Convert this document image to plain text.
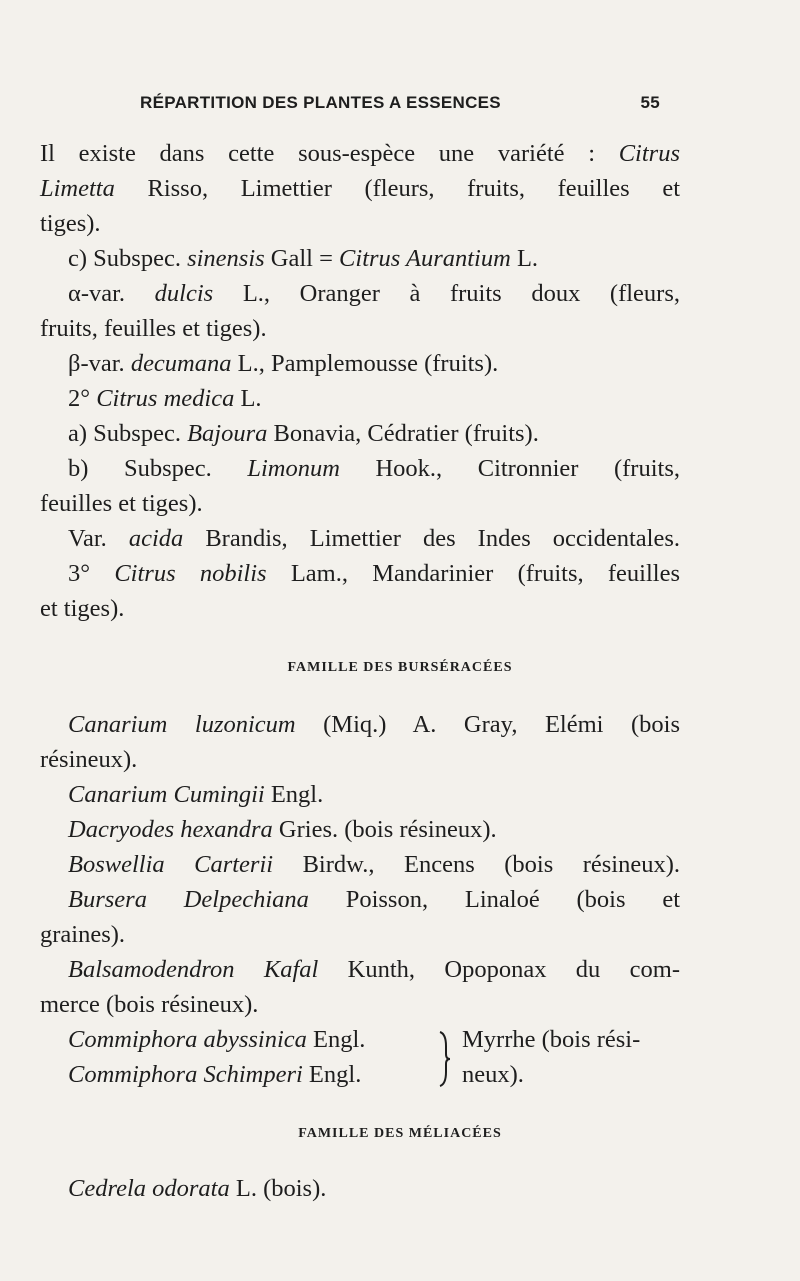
RÉPARTITION DES PLANTES A ESSENCES	55
Il existe dans cette sous-espèce une variété : Citrus
Limetta Risso, Limettier (fleurs, fruits, feuilles et
tiges).
c) Subspec. sinensis Gall = Citrus Aurantium L.
α-var. dulcis L., Oranger à fruits doux (fleurs,
fruits, feuilles et tiges).
β-var. decumana L., Pamplemousse (fruits).
2° Citrus medica L.
a) Subspec. Bajoura Bonavia, Cédratier (fruits).
b) Subspec. Limonum Hook., Citronnier (fruits,
feuilles et tiges).
Var. acida Brandis, Limettier des Indes occidentales.
3° Citrus nobilis Lam., Mandarinier (fruits, feuilles
et tiges).
FAMILLE DES BURSÉRACÉES
Canarium luzonicum (Miq.) A. Gray, Elémi (bois
résineux).
Canarium Cumingii Engl.
Dacryodes hexandra Gries. (bois résineux).
Boswellia Carterii Birdw., Encens (bois résineux).
Bursera Delpechiana Poisson, Linaloé (bois et
graines).
Balsamodendron Kafal Kunth, Opoponax du com-
merce (bois résineux).
Commiphora abyssinica Engl.
Commiphora Schimperi Engl.
Myrrhe (bois rési-
neux).
FAMILLE DES MÉLIACÉES
Cedrela odorata L. (bois).
